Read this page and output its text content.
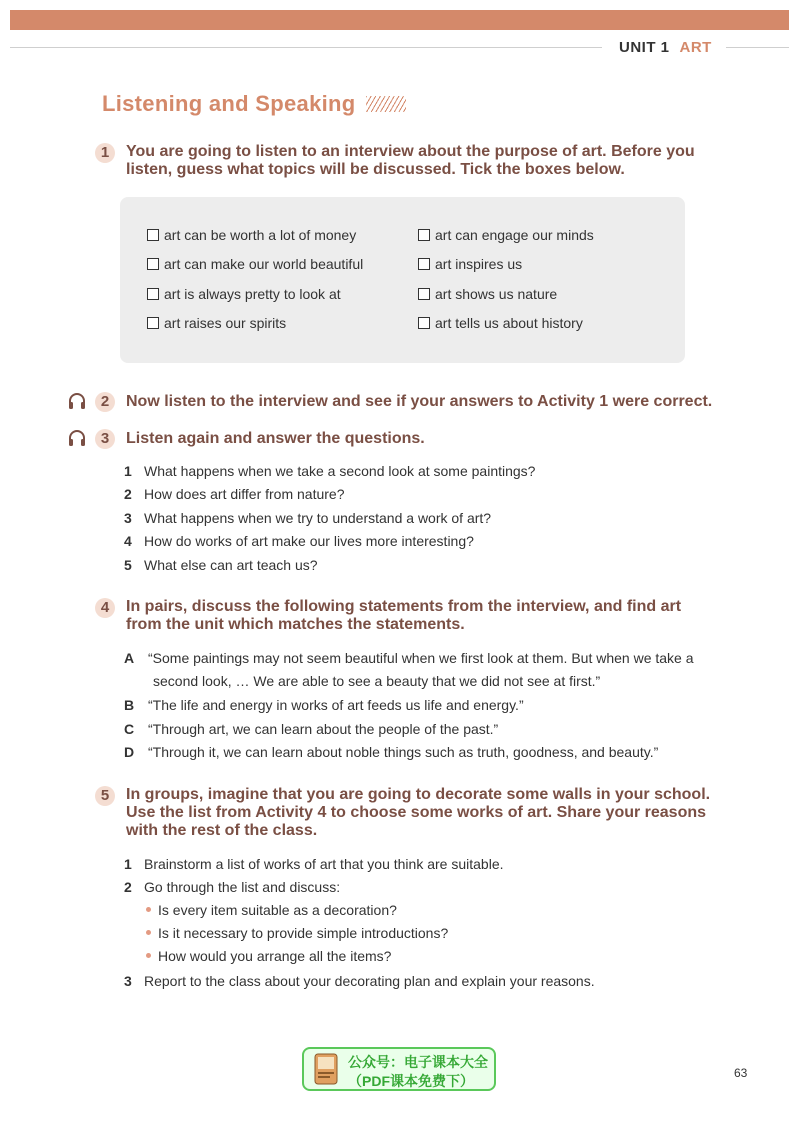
UNIT 1 ART
Listening and Speaking
1	You are going to listen to an interview about the purpose of art. Before you listen, guess what topics will be discussed. Tick the boxes below.
art can be worth a lot of money
art can make our world beautiful
art is always pretty to look at
art raises our spirits
art can engage our minds
art inspires us
art shows us nature
art tells us about history
2	Now listen to the interview and see if your answers to Activity 1 were correct.
3	Listen again and answer the questions.
1 What happens when we take a second look at some paintings?
2 How does art differ from nature?
3 What happens when we try to understand a work of art?
4 How do works of art make our lives more interesting?
5 What else can art teach us?
4	In pairs, discuss the following statements from the interview, and find art from the unit which matches the statements.
A “Some paintings may not seem beautiful when we first look at them. But when we take a
second look, … We are able to see a beauty that we did not see at first.”
B “The life and energy in works of art feeds us life and energy.”
C “Through art, we can learn about the people of the past.”
D “Through it, we can learn about noble things such as truth, goodness, and beauty.”
5	In groups, imagine that you are going to decorate some walls in your school. Use the list from Activity 4 to choose some works of art. Share your reasons with the rest of the class.
1 Brainstorm a list of works of art that you think are suitable.
2 Go through the list and discuss:
Is every item suitable as a decoration?
Is it necessary to provide simple introductions?
How would you arrange all the items?
3 Report to the class about your decorating plan and explain your reasons.
公众号：电子课本大全
（PDF课本免费下）	63
